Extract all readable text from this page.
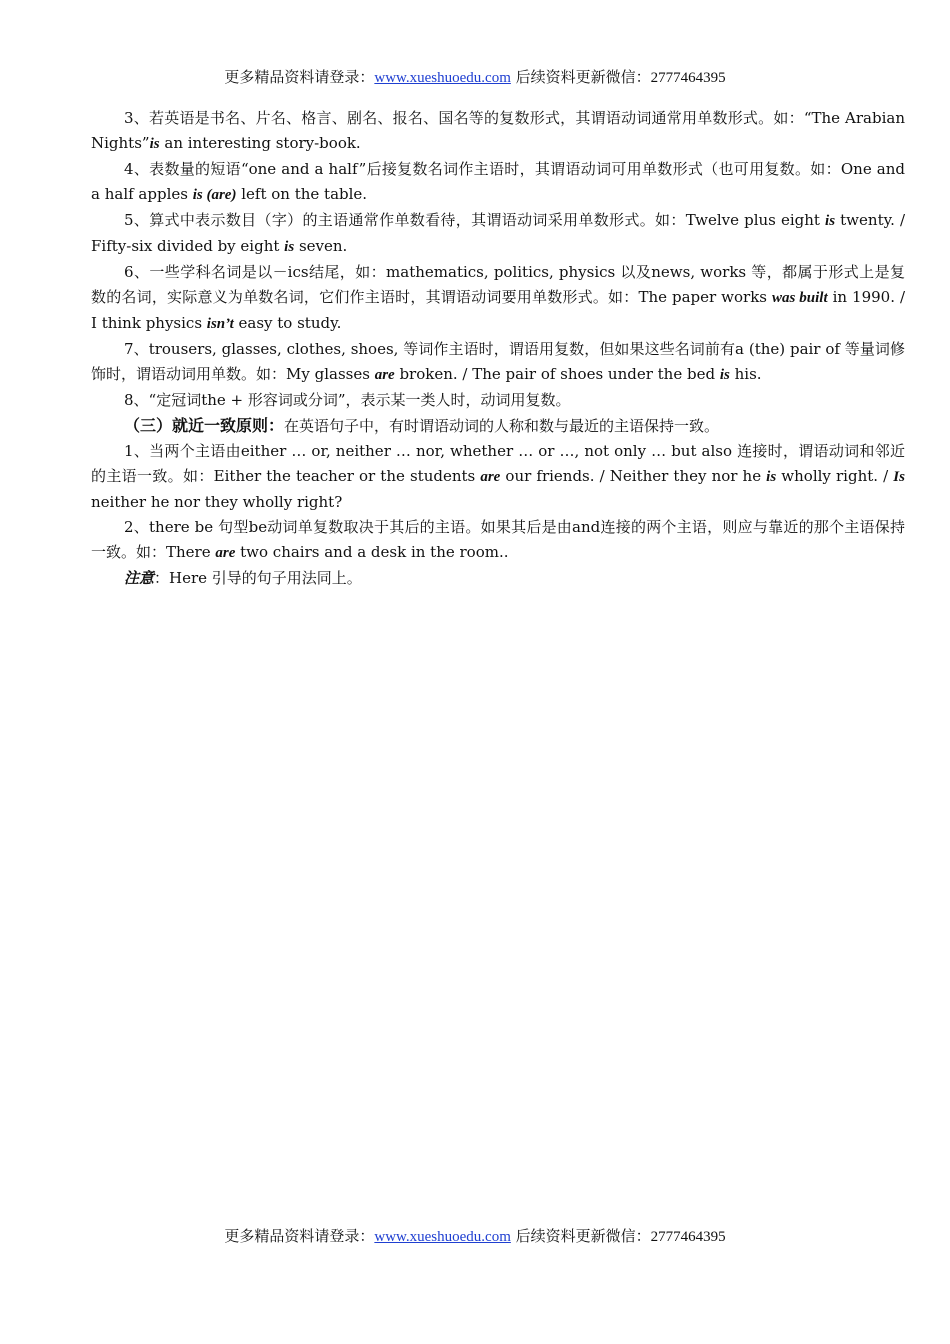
更多精品资料请登录：www.xueshuoedu.com 后续资料更新微信：2777464395

3、若英语是书名、片名、格言、剧名、报名、国名等的复数形式，其谓语动词通常用单数形式。如：“The Arabian Nights”is an interesting story-book.

4、表数量的短语“one and a half”后接复数名词作主语时，其谓语动词可用单数形式（也可用复数。如：One and a half apples is (are) left on the table.

5、算式中表示数目（字）的主语通常作单数看待，其谓语动词采用单数形式。如：Twelve plus eight is twenty. / Fifty-six divided by eight is seven.

6、一些学科名词是以－ics结尾，如：mathematics, politics, physics 以及news, works 等，都属于形式上是复数的名词，实际意义为单数名词，它们作主语时，其谓语动词要用单数形式。如：The paper works was built in 1990. / I think physics isn’t easy to study.

7、trousers, glasses, clothes, shoes, 等词作主语时，谓语用复数，但如果这些名词前有a (the) pair of 等量词修饰时，谓语动词用单数。如：My glasses are broken. / The pair of shoes under the bed is his.

8、“定冠词the + 形容词或分词”，表示某一类人时，动词用复数。

（三）就近一致原则：在英语句子中，有时谓语动词的人称和数与最近的主语保持一致。

1、当两个主语由either … or, neither … nor, whether … or …, not only … but also 连接时，谓语动词和邻近的主语一致。如：Either the teacher or the students are our friends. / Neither they nor he is wholly right. / Is neither he nor they wholly right?

2、there be 句型be动词单复数取决于其后的主语。如果其后是由and连接的两个主语，则应与靠近的那个主语保持一致。如：There are two chairs and a desk in the room..

注意：Here 引导的句子用法同上。

更多精品资料请登录：www.xueshuoedu.com 后续资料更新微信：2777464395
